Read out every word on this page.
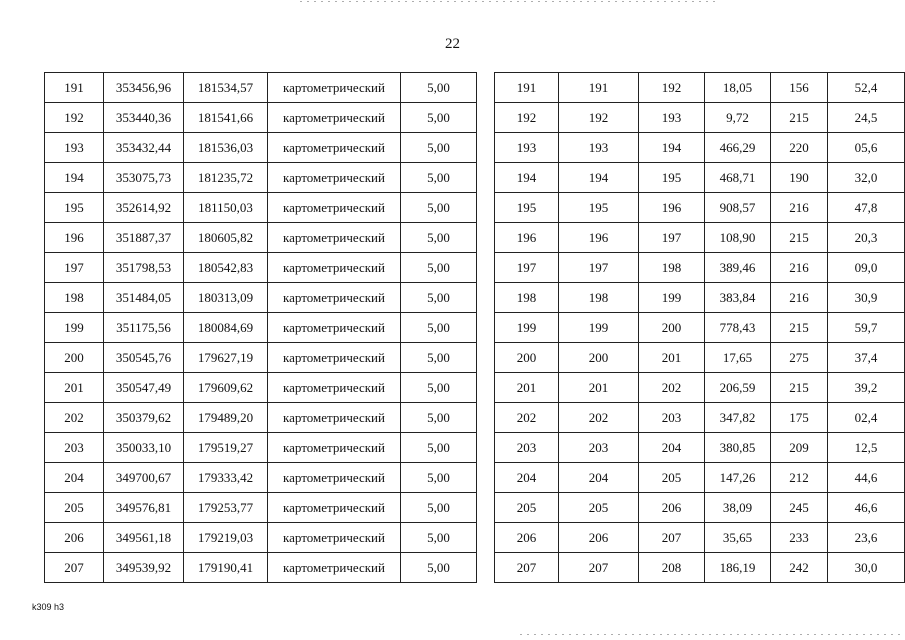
22
191	353456,96	181534,57	картометрический	5,00
192	353440,36	181541,66	картометрический	5,00
193	353432,44	181536,03	картометрический	5,00
194	353075,73	181235,72	картометрический	5,00
195	352614,92	181150,03	картометрический	5,00
196	351887,37	180605,82	картометрический	5,00
197	351798,53	180542,83	картометрический	5,00
198	351484,05	180313,09	картометрический	5,00
199	351175,56	180084,69	картометрический	5,00
200	350545,76	179627,19	картометрический	5,00
201	350547,49	179609,62	картометрический	5,00
202	350379,62	179489,20	картометрический	5,00
203	350033,10	179519,27	картометрический	5,00
204	349700,67	179333,42	картометрический	5,00
205	349576,81	179253,77	картометрический	5,00
206	349561,18	179219,03	картометрический	5,00
207	349539,92	179190,41	картометрический	5,00
191	191	192	18,05	156	52,4
192	192	193	9,72	215	24,5
193	193	194	466,29	220	05,6
194	194	195	468,71	190	32,0
195	195	196	908,57	216	47,8
196	196	197	108,90	215	20,3
197	197	198	389,46	216	09,0
198	198	199	383,84	216	30,9
199	199	200	778,43	215	59,7
200	200	201	17,65	275	37,4
201	201	202	206,59	215	39,2
202	202	203	347,82	175	02,4
203	203	204	380,85	209	12,5
204	204	205	147,26	212	44,6
205	205	206	38,09	245	46,6
206	206	207	35,65	233	23,6
207	207	208	186,19	242	30,0
k309 h3
